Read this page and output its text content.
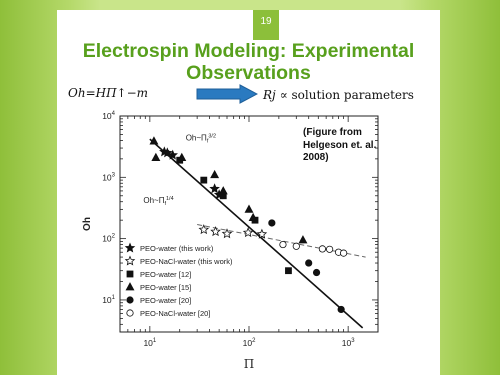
19
Electrospin Modeling: Experimental
Observations
Oh=HΠ↑−m	Rj ∝ solution parameters
$10^1$	$10^2$	$10^3$
$10^1$
$10^2$
$10^3$
$10^4$
Π
Oh
$Oh\sim\Pi_f^{3/2}$
$Oh\sim\Pi_f^{1/4}$
PEO-water (this work)
PEO-NaCl-water (this work)
PEO-water [12]
PEO-water [15]
PEO-water [20]
PEO-NaCl-water [20]
(Figure from Helgeson et. al. 2008)
